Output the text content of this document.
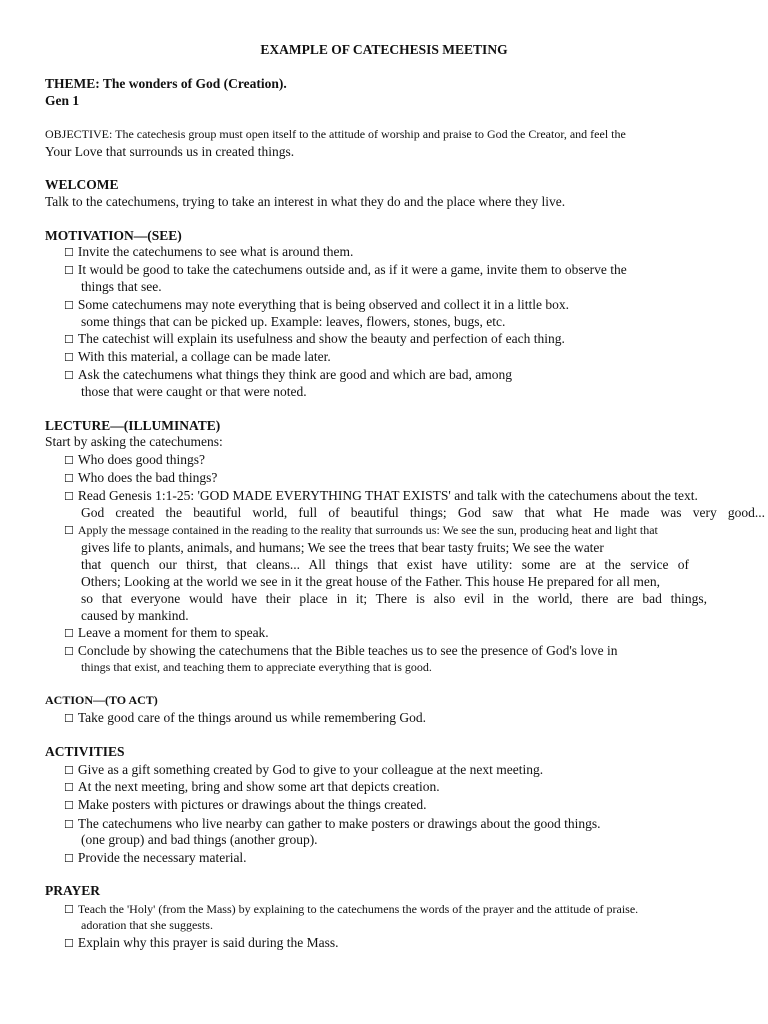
EXAMPLE OF CATECHESIS MEETING
THEME: The wonders of God (Creation).
Gen 1
OBJECTIVE: The catechesis group must open itself to the attitude of worship and praise to God the Creator, and feel the
Your Love that surrounds us in created things.
WELCOME
Talk to the catechumens, trying to take an interest in what they do and the place where they live.
MOTIVATION—(SEE)
☐ Invite the catechumens to see what is around them.
☐ It would be good to take the catechumens outside and, as if it were a game, invite them to observe the
things that see.
☐ Some catechumens may note everything that is being observed and collect it in a little box.
some things that can be picked up. Example: leaves, flowers, stones, bugs, etc.
☐ The catechist will explain its usefulness and show the beauty and perfection of each thing.
☐ With this material, a collage can be made later.
☐ Ask the catechumens what things they think are good and which are bad, among
those that were caught or that were noted.
LECTURE—(ILLUMINATE)
Start by asking the catechumens:
☐ Who does good things?
☐ Who does the bad things?
☐ Read Genesis 1:1-25: 'GOD MADE EVERYTHING THAT EXISTS' and talk with the catechumens about the text.
God created the beautiful world, full of beautiful things; God saw that what He made was very good...
☐ Apply the message contained in the reading to the reality that surrounds us: We see the sun, producing heat and light that
gives life to plants, animals, and humans; We see the trees that bear tasty fruits; We see the water
that quench our thirst, that cleans... All things that exist have utility: some are at the service of
Others; Looking at the world we see in it the great house of the Father. This house He prepared for all men,
so that everyone would have their place in it; There is also evil in the world, there are bad things,
caused by mankind.
☐ Leave a moment for them to speak.
☐ Conclude by showing the catechumens that the Bible teaches us to see the presence of God's love in
things that exist, and teaching them to appreciate everything that is good.
ACTION—(TO ACT)
☐ Take good care of the things around us while remembering God.
ACTIVITIES
☐ Give as a gift something created by God to give to your colleague at the next meeting.
☐ At the next meeting, bring and show some art that depicts creation.
☐ Make posters with pictures or drawings about the things created.
☐ The catechumens who live nearby can gather to make posters or drawings about the good things.
(one group) and bad things (another group).
☐ Provide the necessary material.
PRAYER
☐ Teach the 'Holy' (from the Mass) by explaining to the catechumens the words of the prayer and the attitude of praise.
adoration that she suggests.
☐ Explain why this prayer is said during the Mass.
